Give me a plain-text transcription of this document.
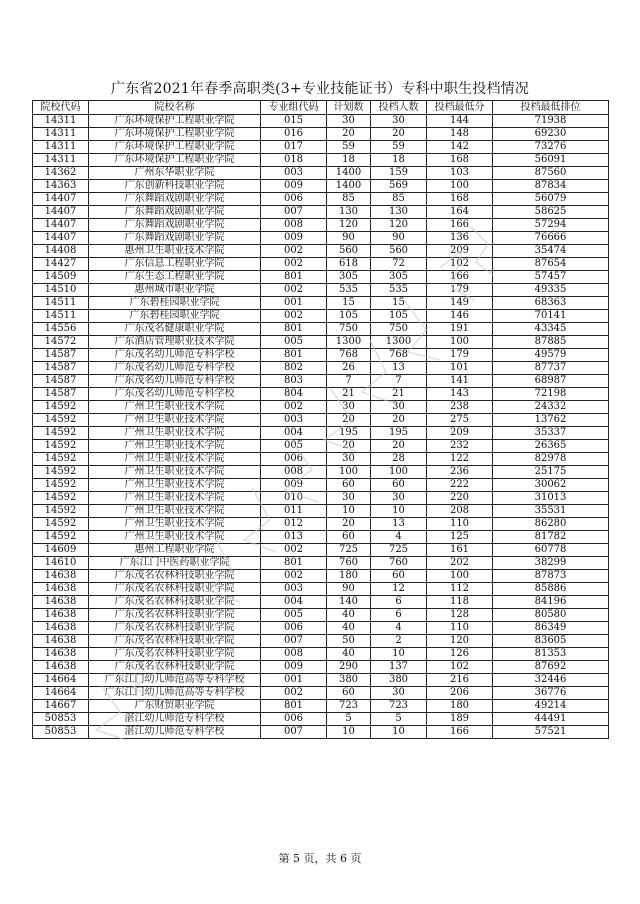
广东省2021年春季高职类(3+专业技能证书）专科中职生投档情况
院校代码	院校名称	专业组代码	计划数	投档人数	投档最低分	投档最低排位
14311	广东环境保护工程职业学院	015	30	30	144	71938
14311	广东环境保护工程职业学院	016	20	20	148	69230
14311	广东环境保护工程职业学院	017	59	59	142	73276
14311	广东环境保护工程职业学院	018	18	18	168	56091
14362	广州东华职业学院	003	1400	159	103	87560
14363	广东创新科技职业学院	009	1400	569	100	87834
14407	广东舞蹈戏剧职业学院	006	85	85	168	56079
14407	广东舞蹈戏剧职业学院	007	130	130	164	58625
14407	广东舞蹈戏剧职业学院	008	120	120	166	57294
14407	广东舞蹈戏剧职业学院	009	90	90	136	76666
14408	惠州卫生职业技术学院	002	560	560	209	35474
14427	广东信息工程职业学院	002	618	72	102	87654
14509	广东生态工程职业学院	801	305	305	166	57457
14510	惠州城市职业学院	002	535	535	179	49335
14511	广东碧桂园职业学院	001	15	15	149	68363
14511	广东碧桂园职业学院	002	105	105	146	70141
14556	广东茂名健康职业学院	801	750	750	191	43345
14572	广东酒店管理职业技术学院	005	1300	1300	100	87885
14587	广东茂名幼儿师范专科学校	801	768	768	179	49579
14587	广东茂名幼儿师范专科学校	802	26	13	101	87737
14587	广东茂名幼儿师范专科学校	803	7	7	141	68987
14587	广东茂名幼儿师范专科学校	804	21	21	143	72198
14592	广州卫生职业技术学院	002	30	30	238	24332
14592	广州卫生职业技术学院	003	20	20	275	13762
14592	广州卫生职业技术学院	004	195	195	209	35337
14592	广州卫生职业技术学院	005	20	20	232	26365
14592	广州卫生职业技术学院	006	30	28	122	82978
14592	广州卫生职业技术学院	008	100	100	236	25175
14592	广州卫生职业技术学院	009	60	60	222	30062
14592	广州卫生职业技术学院	010	30	30	220	31013
14592	广州卫生职业技术学院	011	10	10	208	35531
14592	广州卫生职业技术学院	012	20	13	110	86280
14592	广州卫生职业技术学院	013	60	4	125	81782
14609	惠州工程职业学院	002	725	725	161	60778
14610	广东江门中医药职业学院	801	760	760	202	38299
14638	广东茂名农林科技职业学院	002	180	60	100	87873
14638	广东茂名农林科技职业学院	003	90	12	112	85886
14638	广东茂名农林科技职业学院	004	140	6	118	84196
14638	广东茂名农林科技职业学院	005	40	6	128	80580
14638	广东茂名农林科技职业学院	006	40	4	110	86349
14638	广东茂名农林科技职业学院	007	50	2	120	83605
14638	广东茂名农林科技职业学院	008	40	10	126	81353
14638	广东茂名农林科技职业学院	009	290	137	102	87692
14664	广东江门幼儿师范高等专科学校	001	380	380	216	32446
14664	广东江门幼儿师范高等专科学校	002	60	30	206	36776
14667	广东财贸职业学院	801	723	723	180	49214
50853	湛江幼儿师范专科学校	006	5	5	189	44491
50853	湛江幼儿师范专科学校	007	10	10	166	57521
第 5 页，共 6 页
